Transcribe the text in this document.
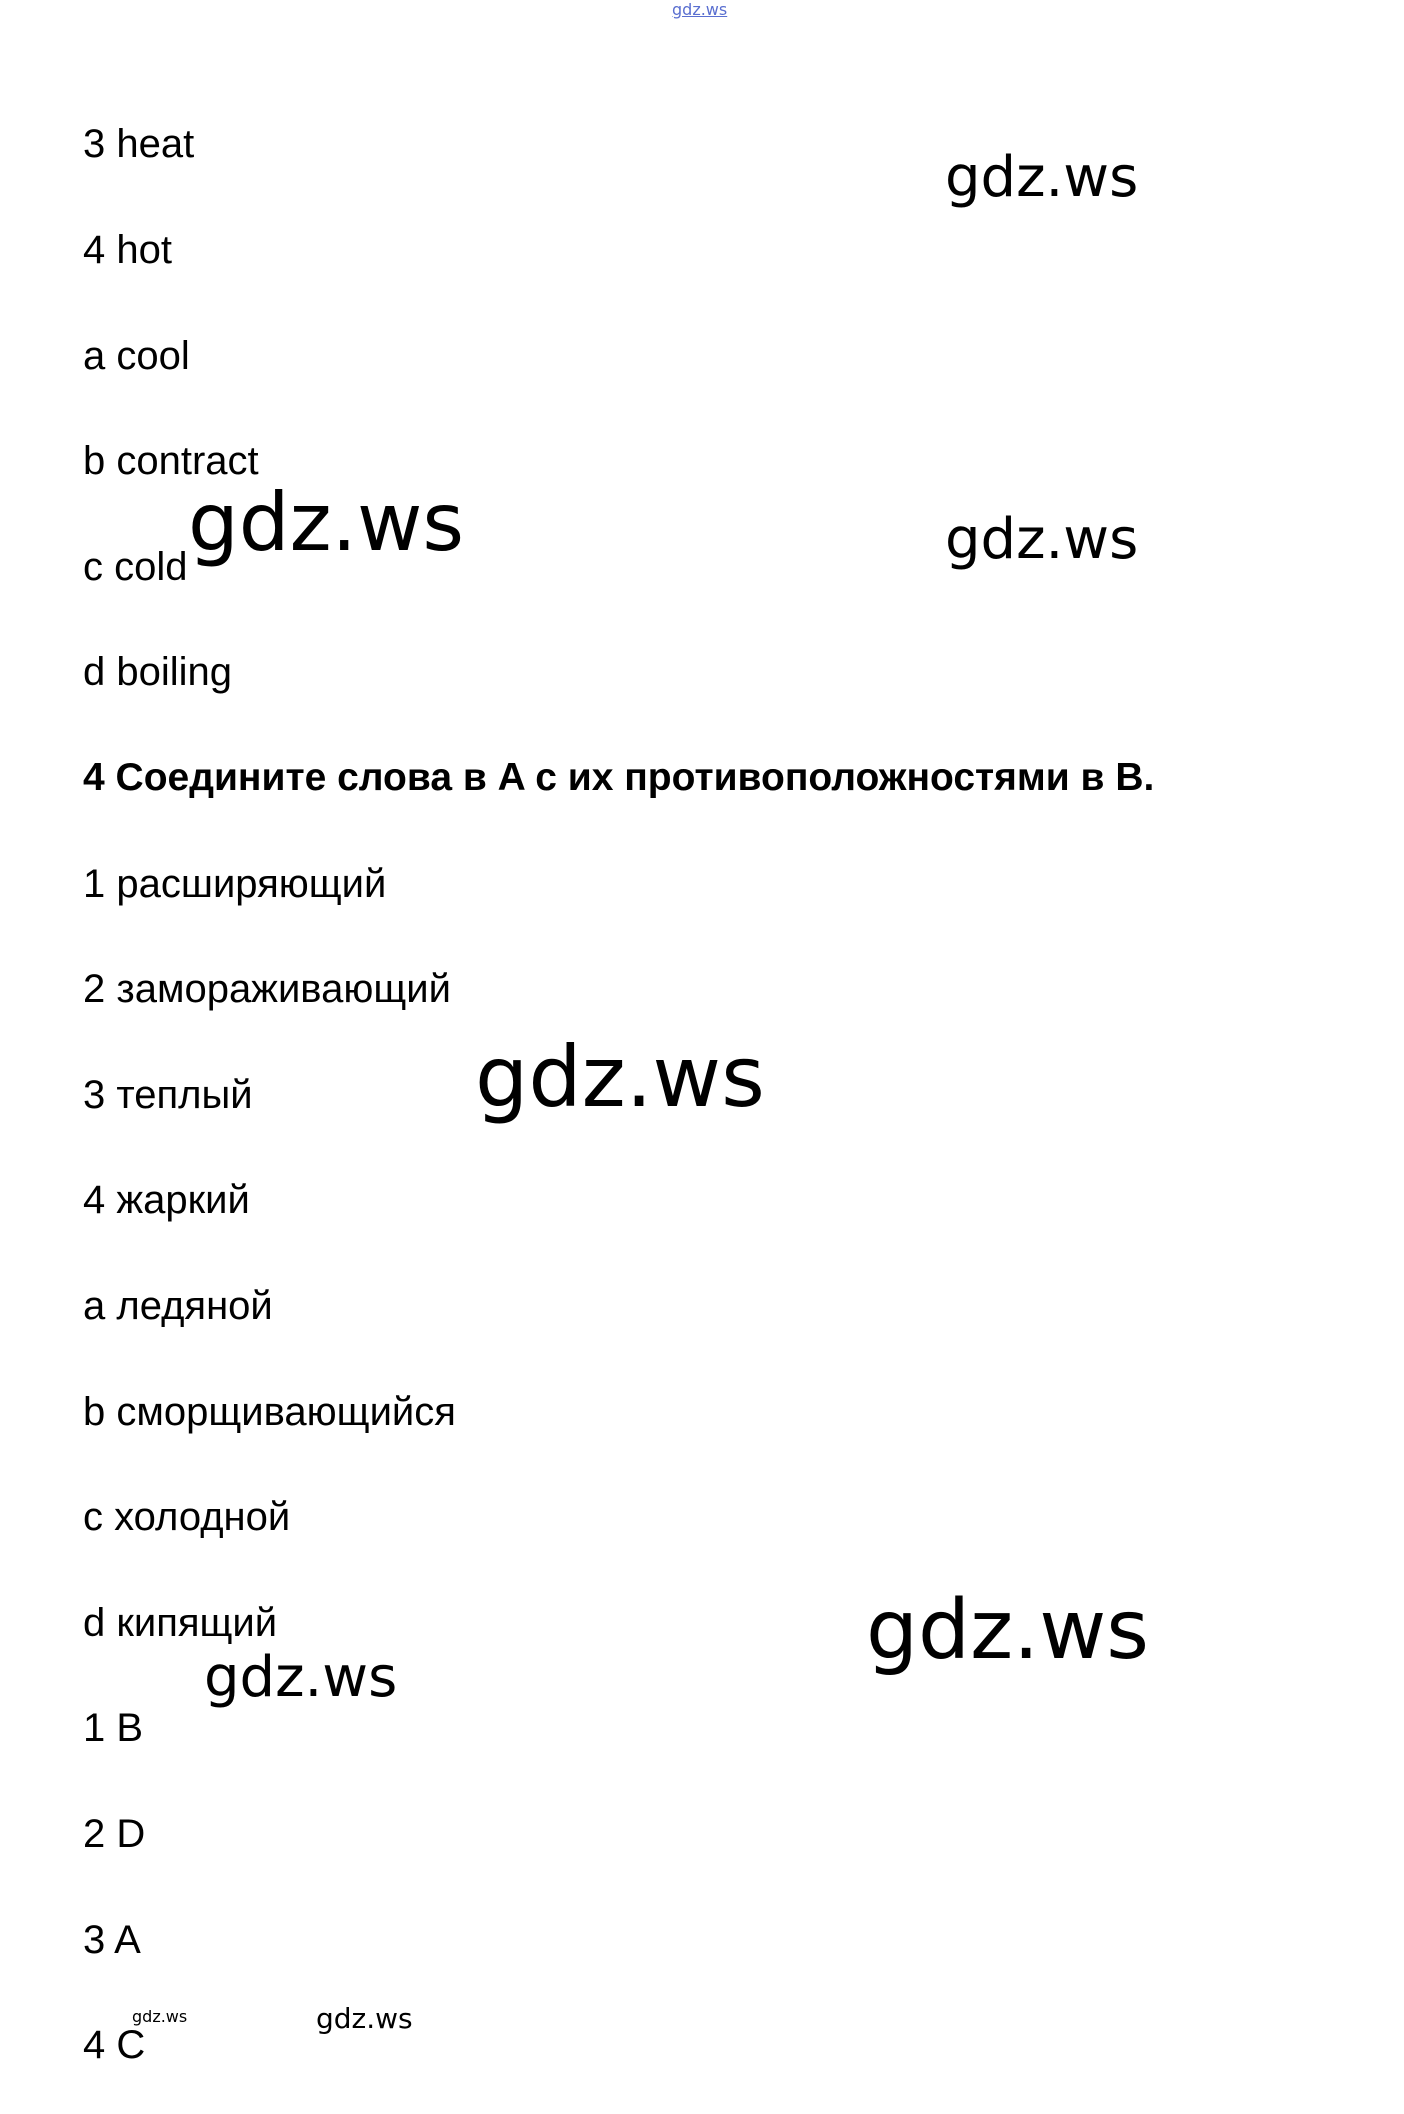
gdz.ws
3 heat
4 hot
a cool
b contract
c cold
d boiling
4 Соедините слова в A с их противоположностями в B.
1 расширяющий
2 замораживающий
3 теплый
4 жаркий
a ледяной
b сморщивающийся
c холодной
d кипящий
1 B
2 D
3 A
4 C
gdz.ws
gdz.ws	gdz.ws
gdz.ws
gdz.ws
gdz.ws
gdz.ws	gdz.ws
